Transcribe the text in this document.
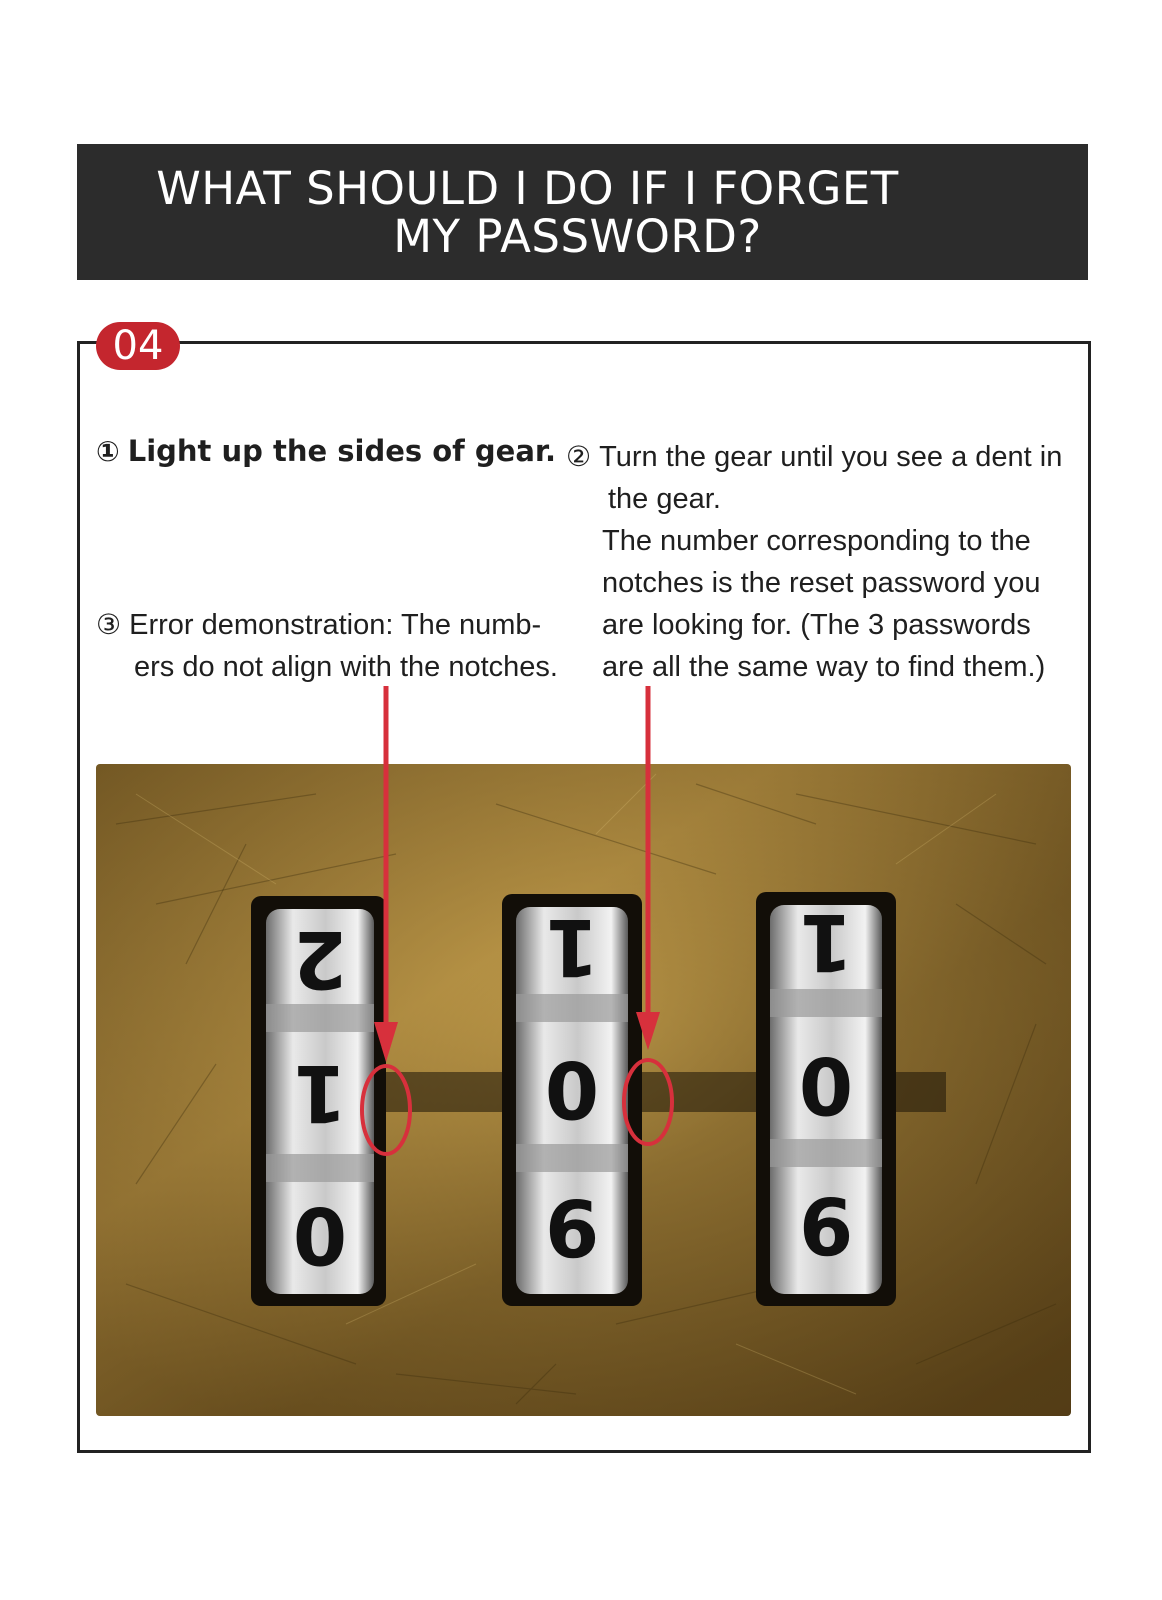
WHAT SHOULD I DO IF I FORGET
MY PASSWORD?
04
① Light up the sides of gear. ② Turn the gear until you see a dent in
the gear.
The number corresponding to the
notches is the reset password you
are looking for. (The 3 passwords
are all the same way to find them.)
③ Error demonstration: The numb-
ers do not align with the notches.
2
1
0
1
0
9
1
0
9
